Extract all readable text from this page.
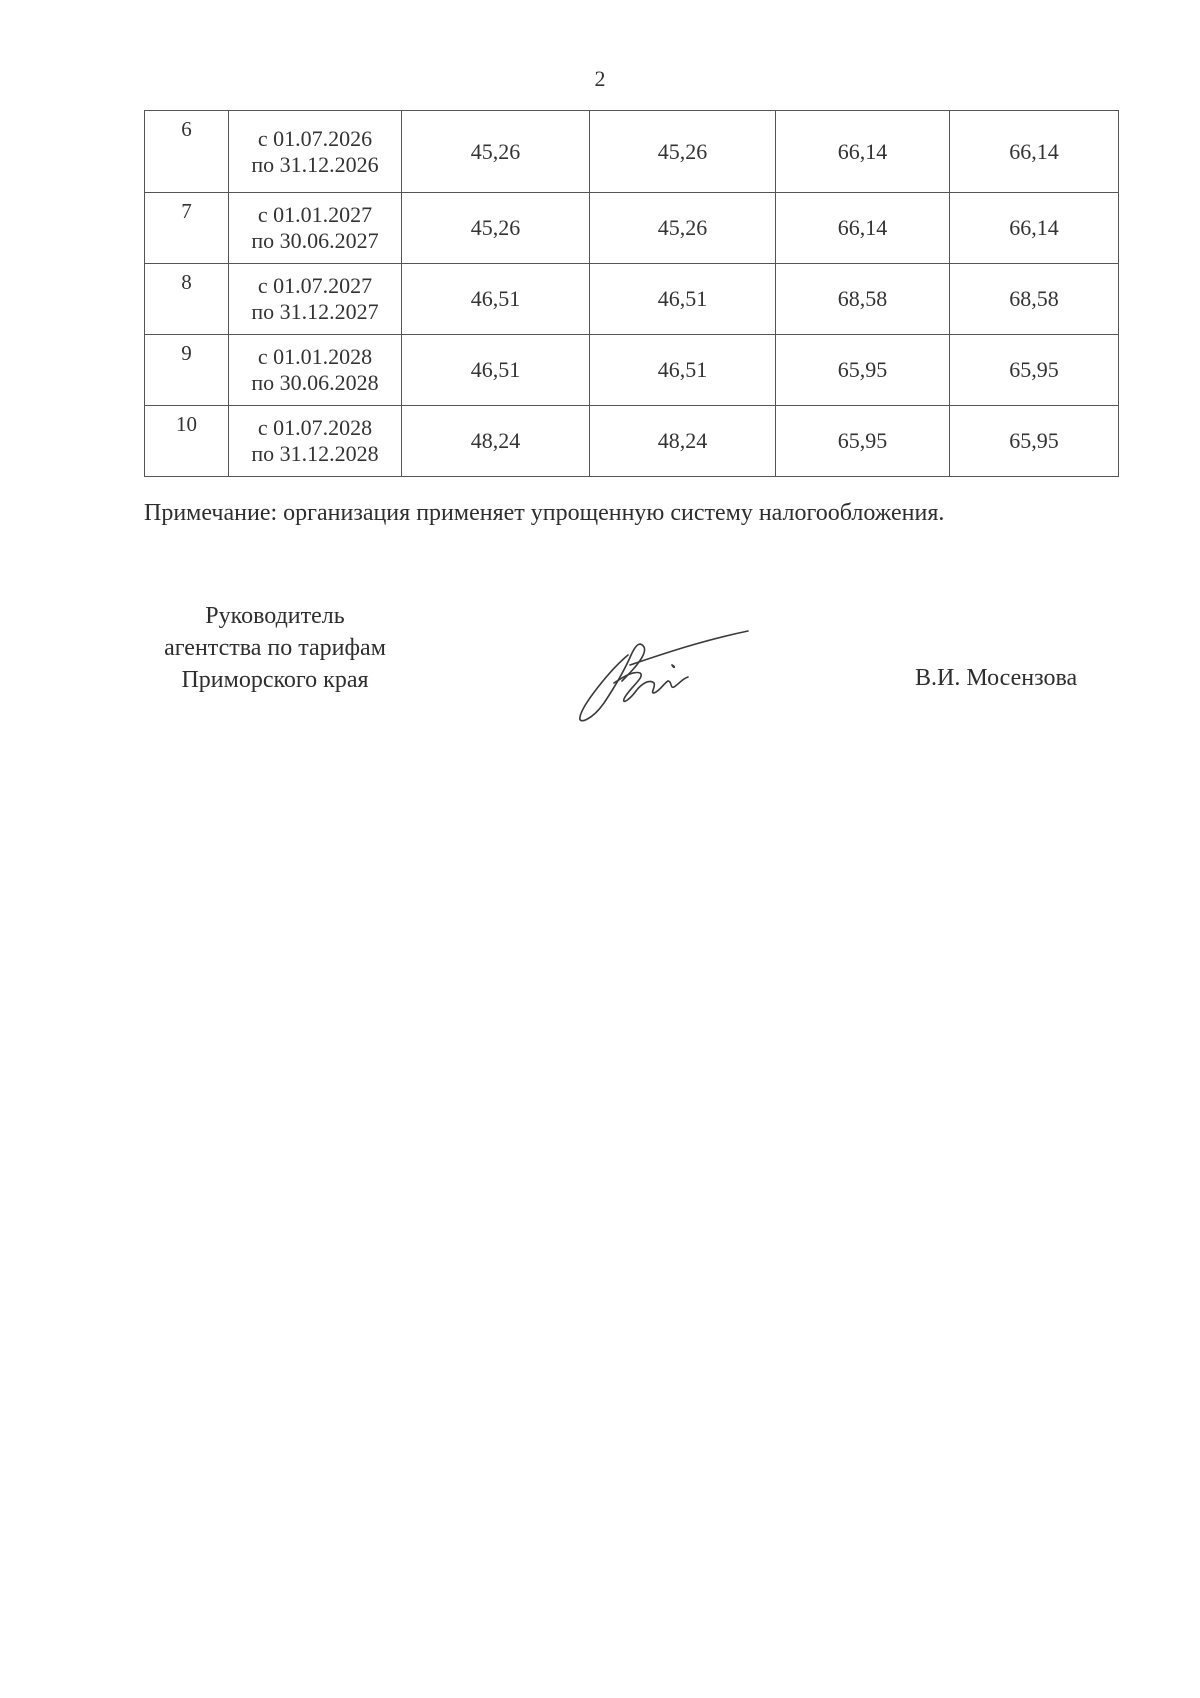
2
6	с 01.07.2026
по 31.12.2026	45,26	45,26	66,14	66,14
7	с 01.01.2027
по 30.06.2027	45,26	45,26	66,14	66,14
8	с 01.07.2027
по 31.12.2027	46,51	46,51	68,58	68,58
9	с 01.01.2028
по 30.06.2028	46,51	46,51	65,95	65,95
10	с 01.07.2028
по 31.12.2028	48,24	48,24	65,95	65,95
Примечание: организация применяет упрощенную систему налогообложения.
Руководитель
агентства по тарифам
Приморского края	В.И. Мосензова
